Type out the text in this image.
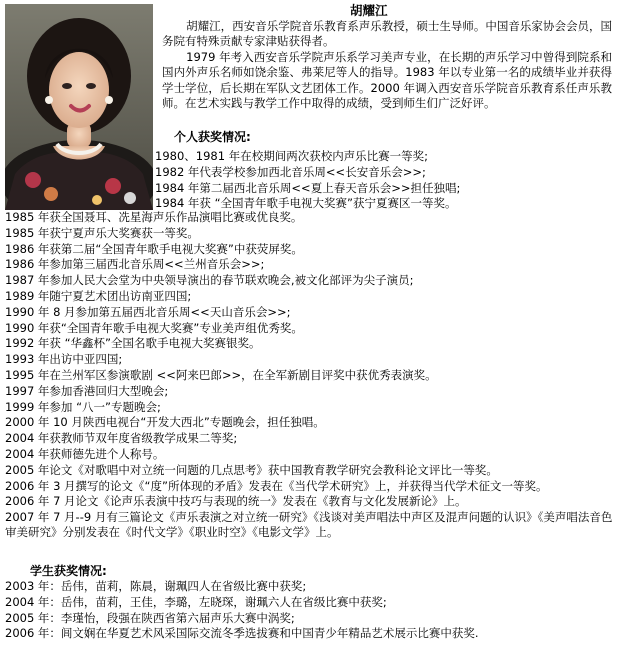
胡耀江

胡耀江，西安音乐学院音乐教育系声乐教授，硕士生导师。中国音乐家协会会员，国务院有特殊贡献专家津贴获得者。

1979 年考入西安音乐学院声乐系学习美声专业，在长期的声乐学习中曾得到院系和国内外声乐名师如饶余鉴、弗莱尼等人的指导。1983 年以专业第一名的成绩毕业并获得学士学位，后长期在军队文艺团体工作。2000 年调入西安音乐学院音乐教育系任声乐教师。在艺术实践与教学工作中取得的成绩，受到师生们广泛好评。

个人获奖情况:
1980、1981 年在校期间两次获校内声乐比赛一等奖;
1982 年代表学校参加西北音乐周<<长安音乐会>>;
1984 年第二届西北音乐周<<夏上春天音乐会>>担任独唱;
1984 年获 “全国青年歌手电视大奖赛”获宁夏赛区一等奖。
1985 年获全国聂耳、冼星海声乐作品演唱比赛或优良奖。
1985 年获宁夏声乐大奖赛获一等奖。
1986 年获第二届“全国青年歌手电视大奖赛”中获荧屏奖。
1986 年参加第三届西北音乐周<<兰州音乐会>>;
1987 年参加人民大会堂为中央领导演出的春节联欢晚会,被文化部评为尖子演员;
1989 年随宁夏艺术团出访南亚四国;
1990 年 8 月参加第五届西北音乐周<<天山音乐会>>;
1990 年获“全国青年歌手电视大奖赛”专业美声组优秀奖。
1992 年获 “华鑫杯”全国名歌手电视大奖赛银奖。
1993 年出访中亚四国;
1995 年在兰州军区参演歌剧 <<阿来巴郎>>，在全军新剧目评奖中获优秀表演奖。
1997 年参加香港回归大型晚会;
1999 年参加 “八一”专题晚会;
2000 年 10 月陕西电视台“开发大西北”专题晚会，担任独唱。
2004 年获教师节双年度省级教学成果二等奖;
2004 年获师德先进个人称号。
2005 年论文《对歌唱中对立统一问题的几点思考》获中国教育教学研究会教科论文评比一等奖。
2006 年 3 月撰写的论文《“度”所体现的矛盾》发表在《当代学术研究》上，并获得当代学术征文一等奖。
2006 年 7 月论文《论声乐表演中技巧与表现的统一》发表在《教育与文化发展新论》上。
2007 年 7 月--9 月有三篇论文《声乐表演之对立统一研究》《浅谈对美声唱法中声区及混声问题的认识》《美声唱法音色审美研究》分别发表在《时代文学》《职业时空》《电影文学》上。
学生获奖情况:
2003 年：岳伟，苗莉，陈晨，谢珮四人在省级比赛中获奖;
2004 年：岳伟，苗莉，王佳，李璐，左晓琛，谢珮六人在省级比赛中获奖;
2005 年：李瑾怡，段强在陕西省第六届声乐大赛中涡奖;
2006 年：闾文娴在华夏艺术风采国际交流冬季选拔赛和中国青少年精品艺术展示比赛中获奖.
